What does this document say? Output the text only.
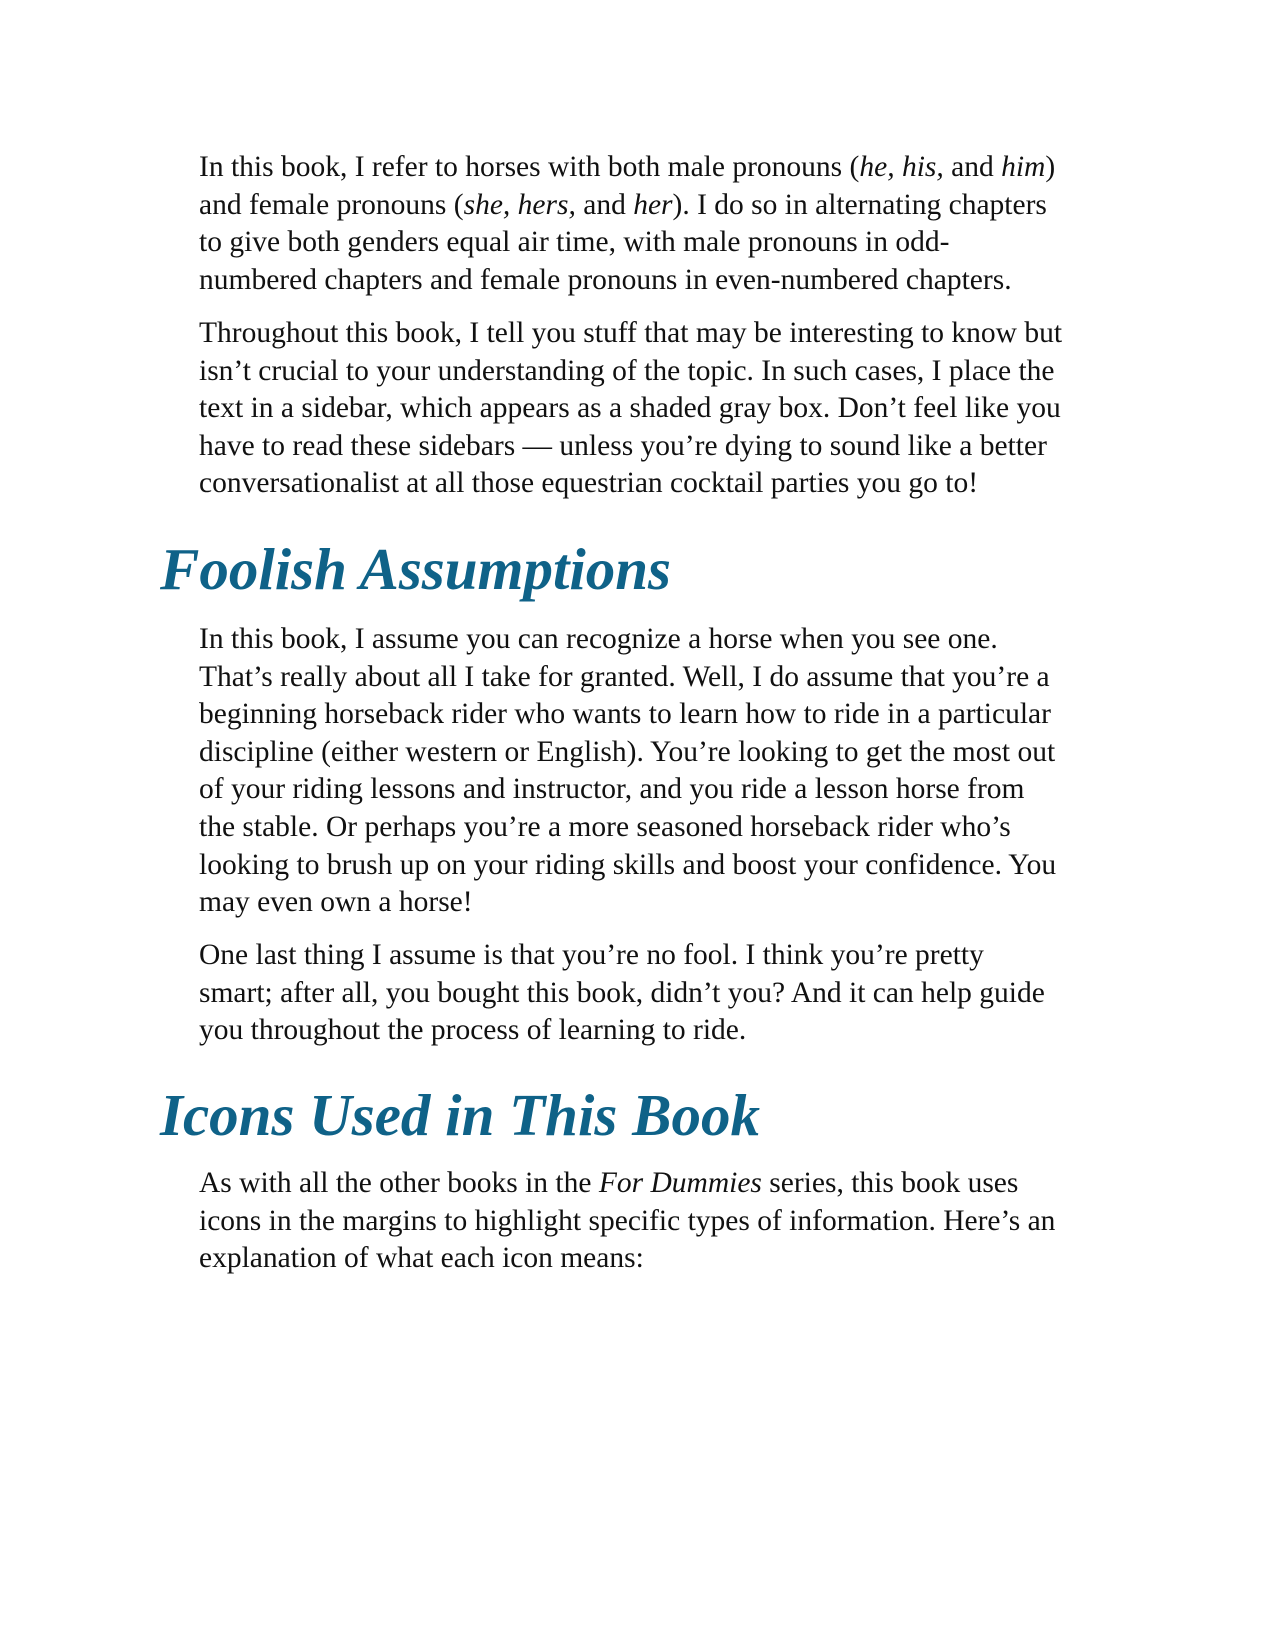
In this book, I refer to horses with both male pronouns (he, his, and him)
and female pronouns (she, hers, and her). I do so in alternating chapters
to give both genders equal air time, with male pronouns in odd-
numbered chapters and female pronouns in even-numbered chapters.

Throughout this book, I tell you stuff that may be interesting to know but
isn’t crucial to your understanding of the topic. In such cases, I place the
text in a sidebar, which appears as a shaded gray box. Don’t feel like you
have to read these sidebars — unless you’re dying to sound like a better
conversationalist at all those equestrian cocktail parties you go to!

Foolish Assumptions

In this book, I assume you can recognize a horse when you see one.
That’s really about all I take for granted. Well, I do assume that you’re a
beginning horseback rider who wants to learn how to ride in a particular
discipline (either western or English). You’re looking to get the most out
of your riding lessons and instructor, and you ride a lesson horse from
the stable. Or perhaps you’re a more seasoned horseback rider who’s
looking to brush up on your riding skills and boost your confidence. You
may even own a horse!

One last thing I assume is that you’re no fool. I think you’re pretty
smart; after all, you bought this book, didn’t you? And it can help guide
you throughout the process of learning to ride.

Icons Used in This Book

As with all the other books in the For Dummies series, this book uses
icons in the margins to highlight specific types of information. Here’s an
explanation of what each icon means:
